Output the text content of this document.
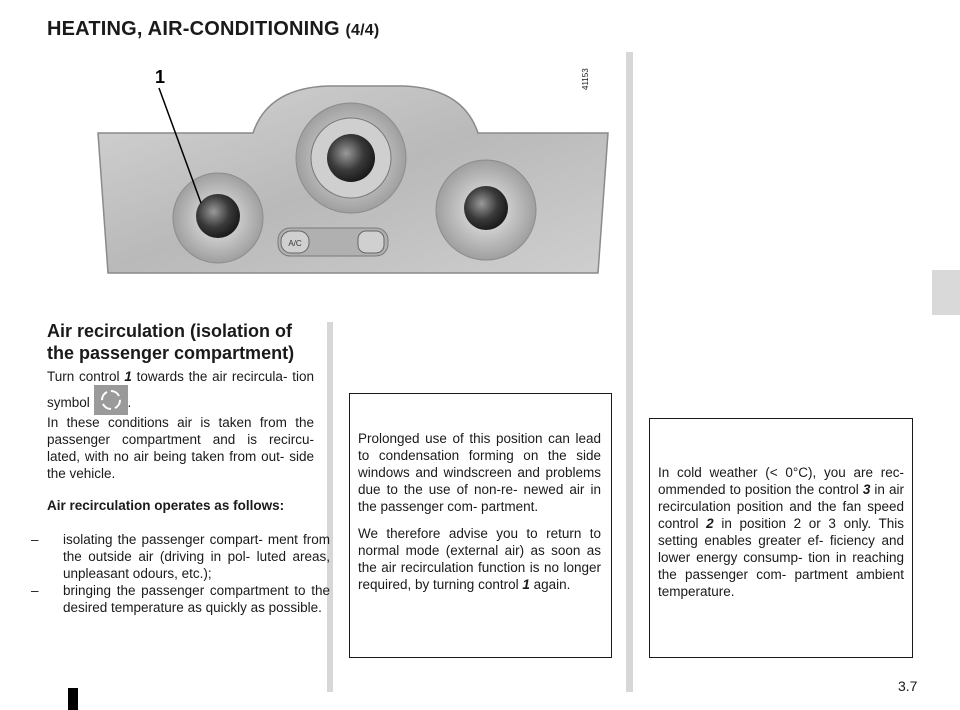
HEATING, AIR-CONDITIONING (4/4)
A/C
1	41153
Air recirculation (isolation of the passenger compartment)
Turn control 1 towards the air recircula- tion symbol	.
In these conditions air is taken from the passenger compartment and is recircu- lated, with no air being taken from out- side the vehicle.
Air recirculation operates as follows:
– isolating the passenger compart- ment from the outside air (driving in pol- luted areas, unpleasant odours, etc.);
– bringing the passenger compartment to the desired temperature as quickly as possible.
Prolonged use of this position can lead to condensation forming on the side windows and windscreen and problems due to the use of non-re- newed air in the passenger com- partment.
We therefore advise you to return to normal mode (external air) as soon as the air recirculation function is no longer required, by turning control 1 again.
In cold weather (< 0°C), you are rec- ommended to position the control 3 in air recirculation position and the fan speed control 2 in position 2 or 3 only. This setting enables greater ef- ficiency and lower energy consump- tion in reaching the passenger com- partment ambient temperature.
3.7
